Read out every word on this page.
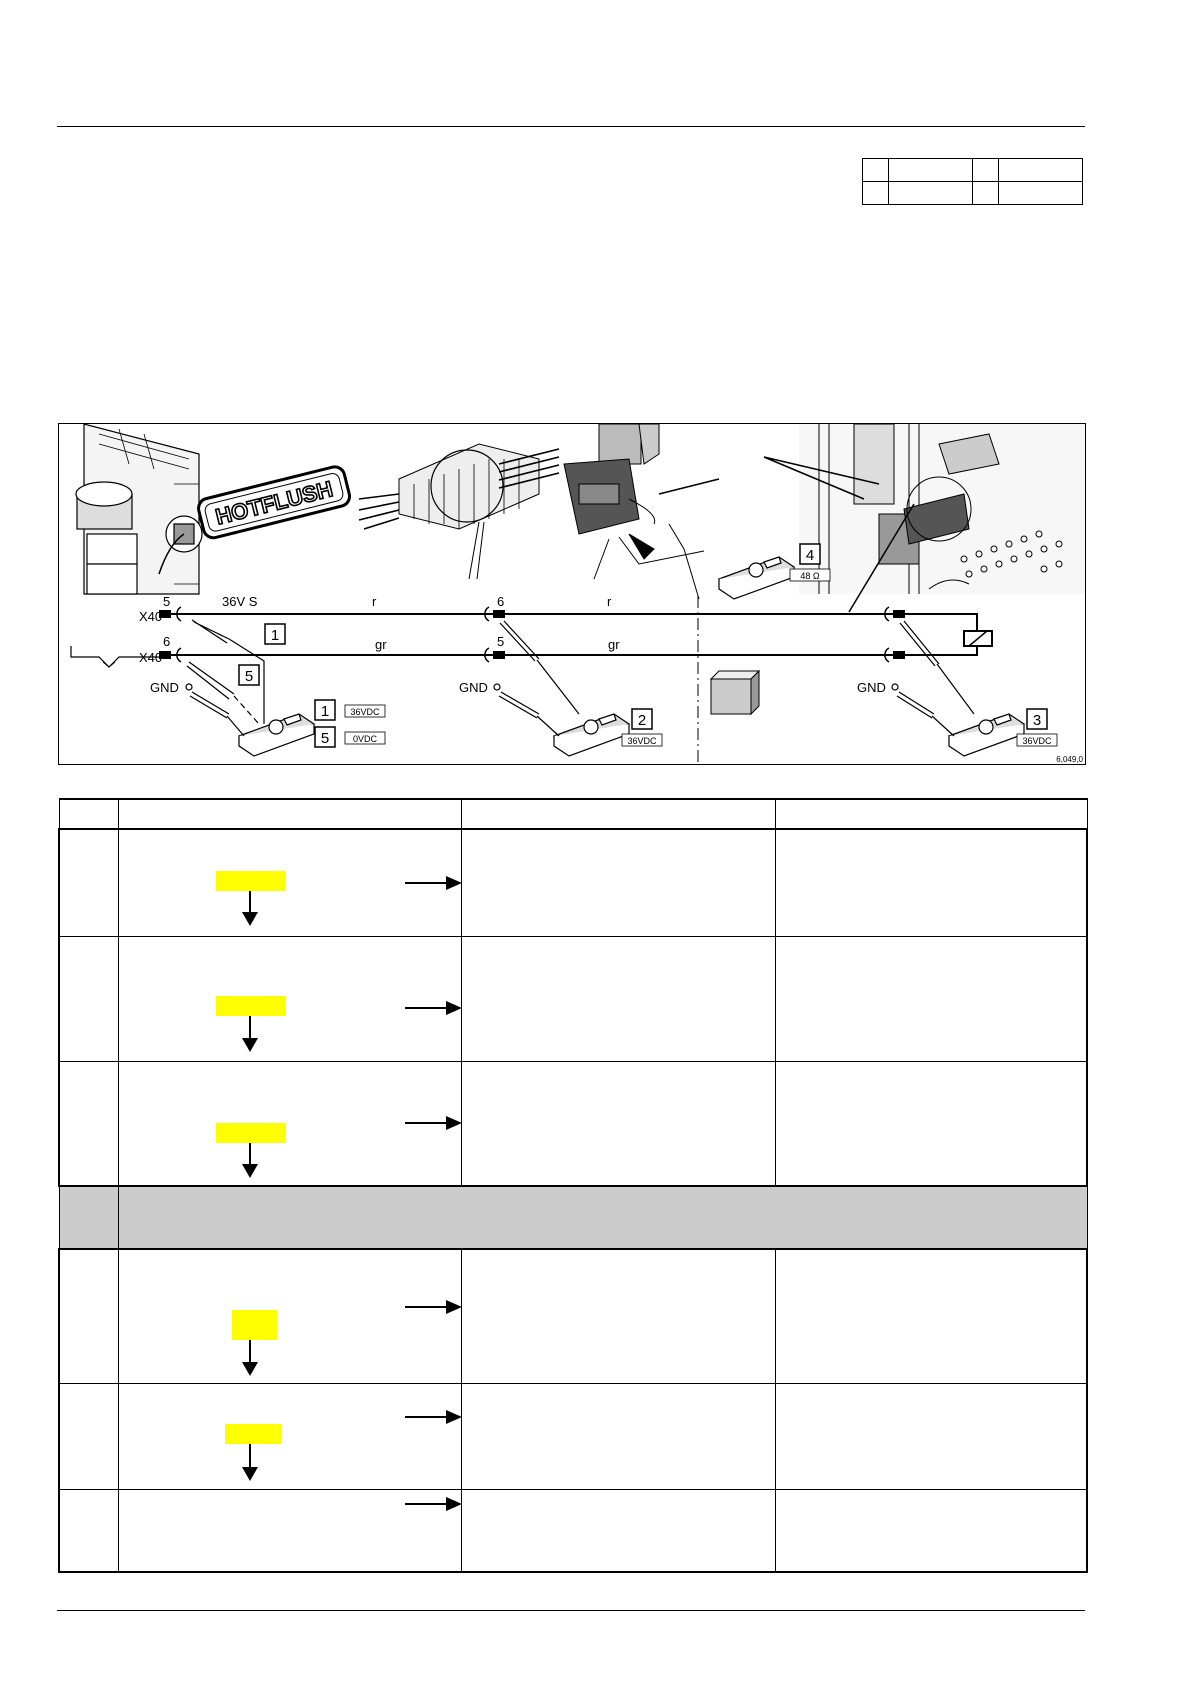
HOTFLUSH
5
X40
6
X40
36V S	r	r
gr	gr
6
5
GND	GND	GND
1
5
1 36VDC
5	0VDC
2
36VDC
3
36VDC
4
48 Ω
6,049,0
